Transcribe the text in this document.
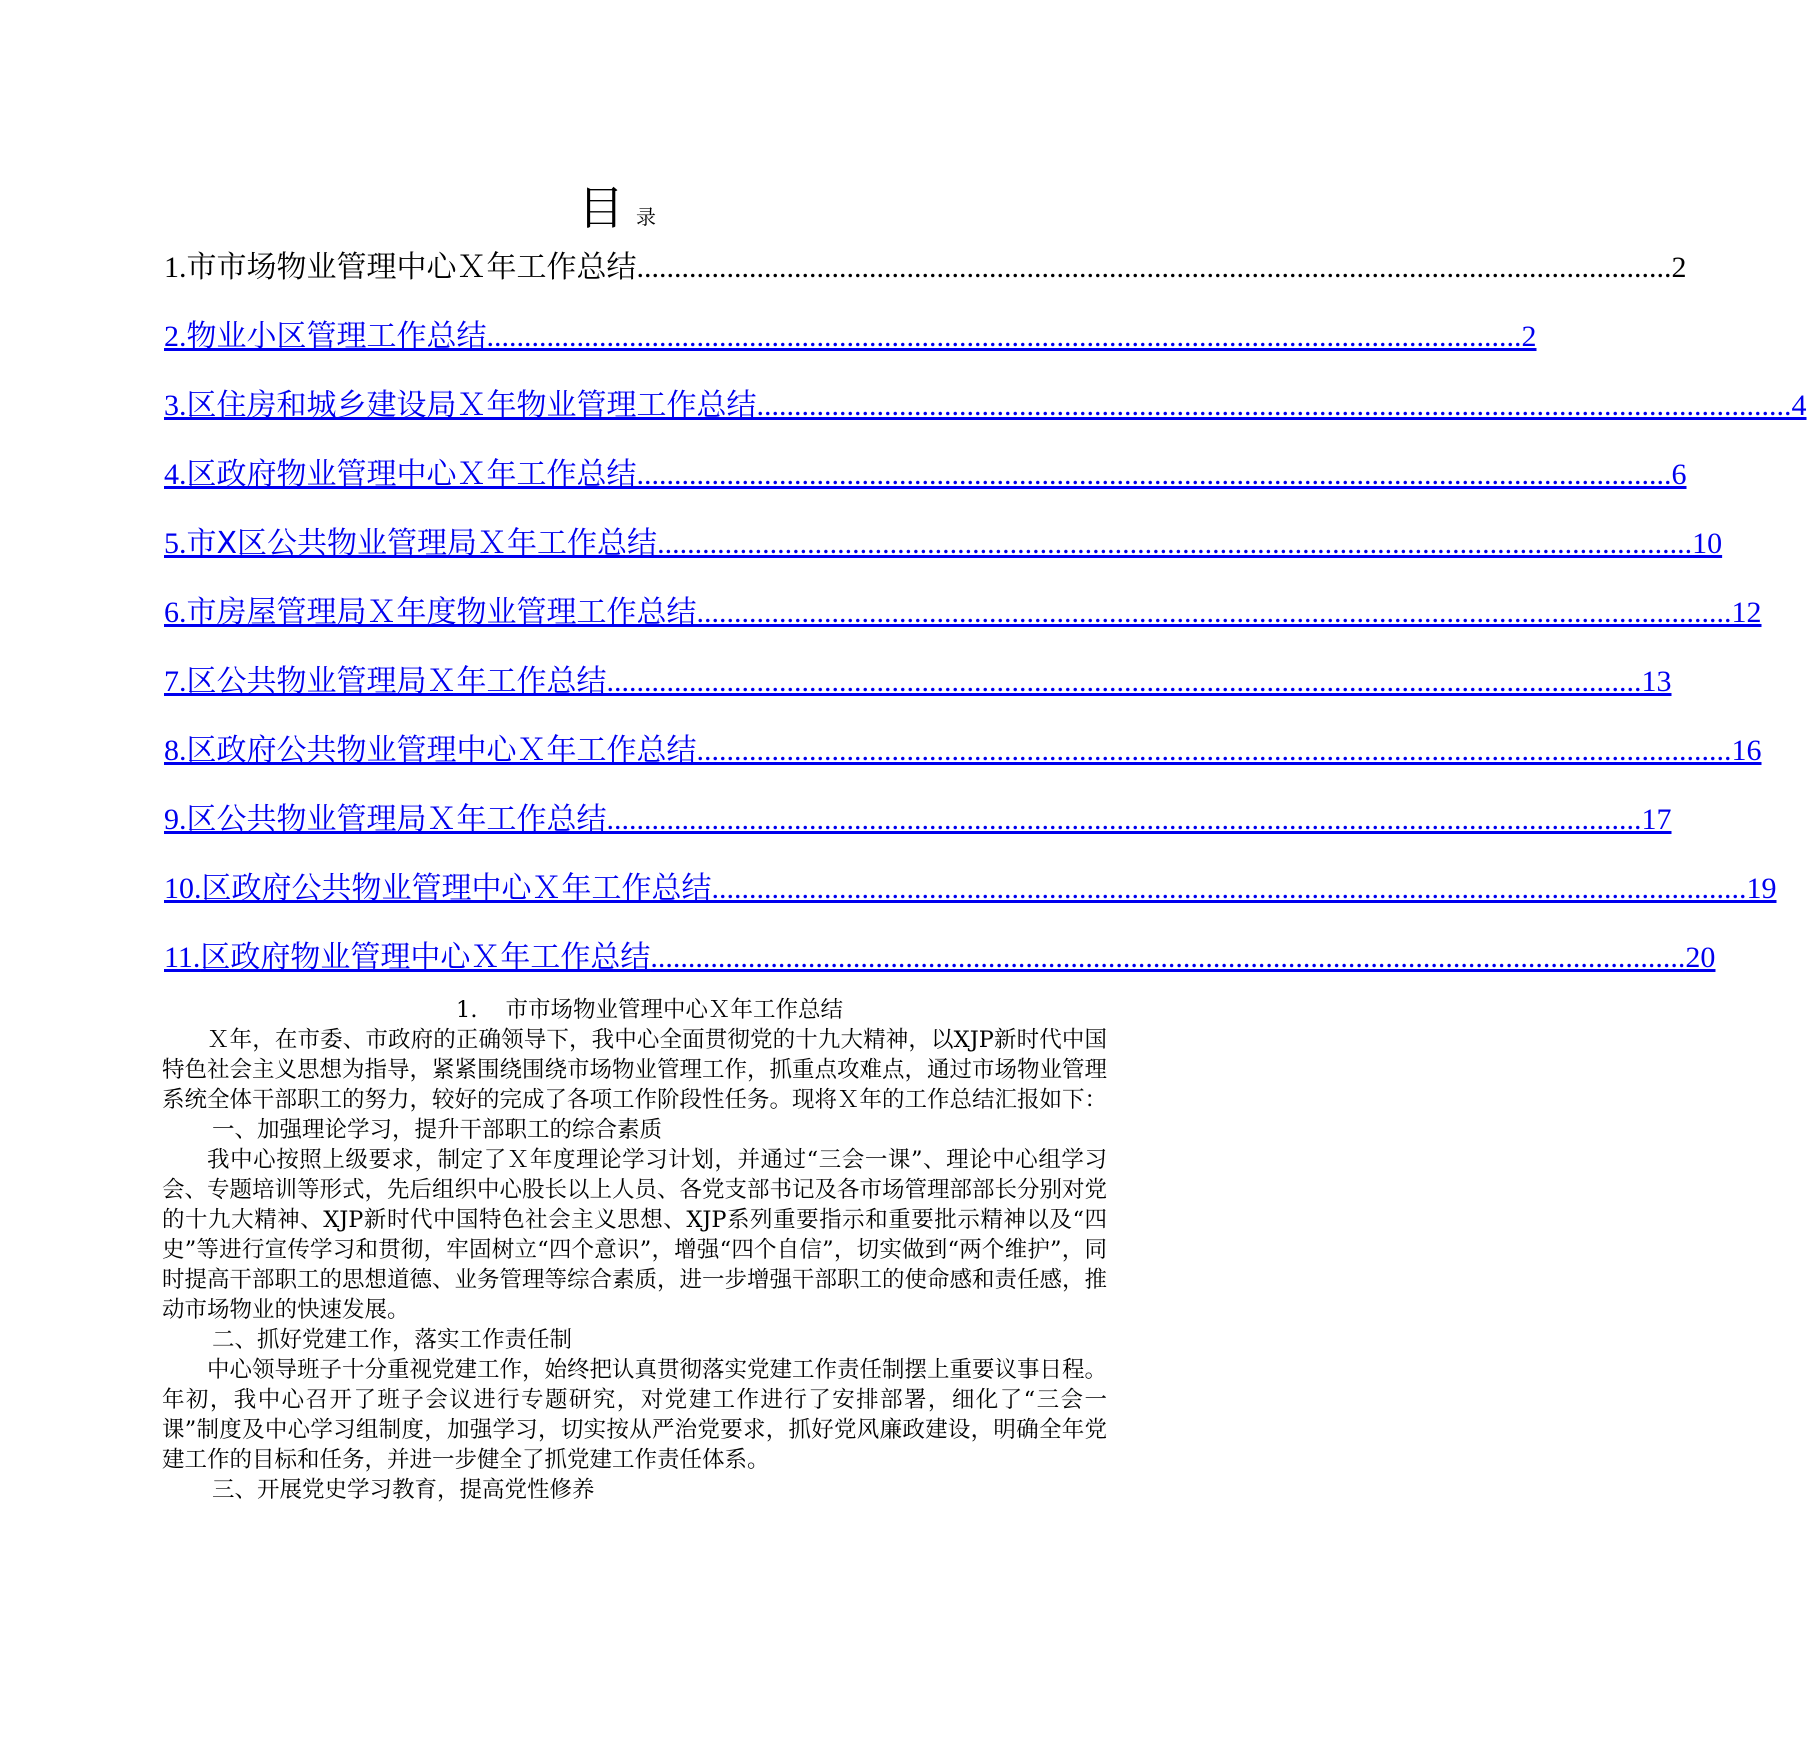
目录
1. 市市场物业管理中心Ｘ年工作总结 .......................................................................................................................................... 2
2. 物业小区管理工作总结 .......................................................................................................................................... 2
3. 区住房和城乡建设局Ｘ年物业管理工作总结 .......................................................................................................................................... 4
4. 区政府物业管理中心Ｘ年工作总结 .......................................................................................................................................... 6
5. 市X区公共物业管理局Ｘ年工作总结 .......................................................................................................................................... 10
6. 市房屋管理局Ｘ年度物业管理工作总结 .......................................................................................................................................... 12
7. 区公共物业管理局Ｘ年工作总结 .......................................................................................................................................... 13
8. 区政府公共物业管理中心Ｘ年工作总结 .......................................................................................................................................... 16
9. 区公共物业管理局Ｘ年工作总结 .......................................................................................................................................... 17
10. 区政府公共物业管理中心Ｘ年工作总结 .......................................................................................................................................... 19
11. 区政府物业管理中心Ｘ年工作总结 .......................................................................................................................................... 20
1. 市市场物业管理中心Ｘ年工作总结

Ｘ年，在市委、市政府的正确领导下，我中心全面贯彻党的十九大精神，以XJP新时代中国特色社会主义思想为指导，紧紧围绕围绕市场物业管理工作，抓重点攻难点，通过市场物业管理系统全体干部职工的努力，较好的完成了各项工作阶段性任务。现将Ｘ年的工作总结汇报如下：

一、加强理论学习，提升干部职工的综合素质

我中心按照上级要求，制定了Ｘ年度理论学习计划，并通过“三会一课”、理论中心组学习会、专题培训等形式，先后组织中心股长以上人员、各党支部书记及各市场管理部部长分别对党的十九大精神、XJP新时代中国特色社会主义思想、XJP系列重要指示和重要批示精神以及“四史”等进行宣传学习和贯彻，牢固树立“四个意识”，增强“四个自信”，切实做到“两个维护”，同时提高干部职工的思想道德、业务管理等综合素质，进一步增强干部职工的使命感和责任感，推动市场物业的快速发展。

二、抓好党建工作，落实工作责任制

中心领导班子十分重视党建工作，始终把认真贯彻落实党建工作责任制摆上重要议事日程。年初，我中心召开了班子会议进行专题研究，对党建工作进行了安排部署，细化了“三会一课”制度及中心学习组制度，加强学习，切实按从严治党要求，抓好党风廉政建设，明确全年党建工作的目标和任务，并进一步健全了抓党建工作责任体系。

三、开展党史学习教育，提高党性修养
